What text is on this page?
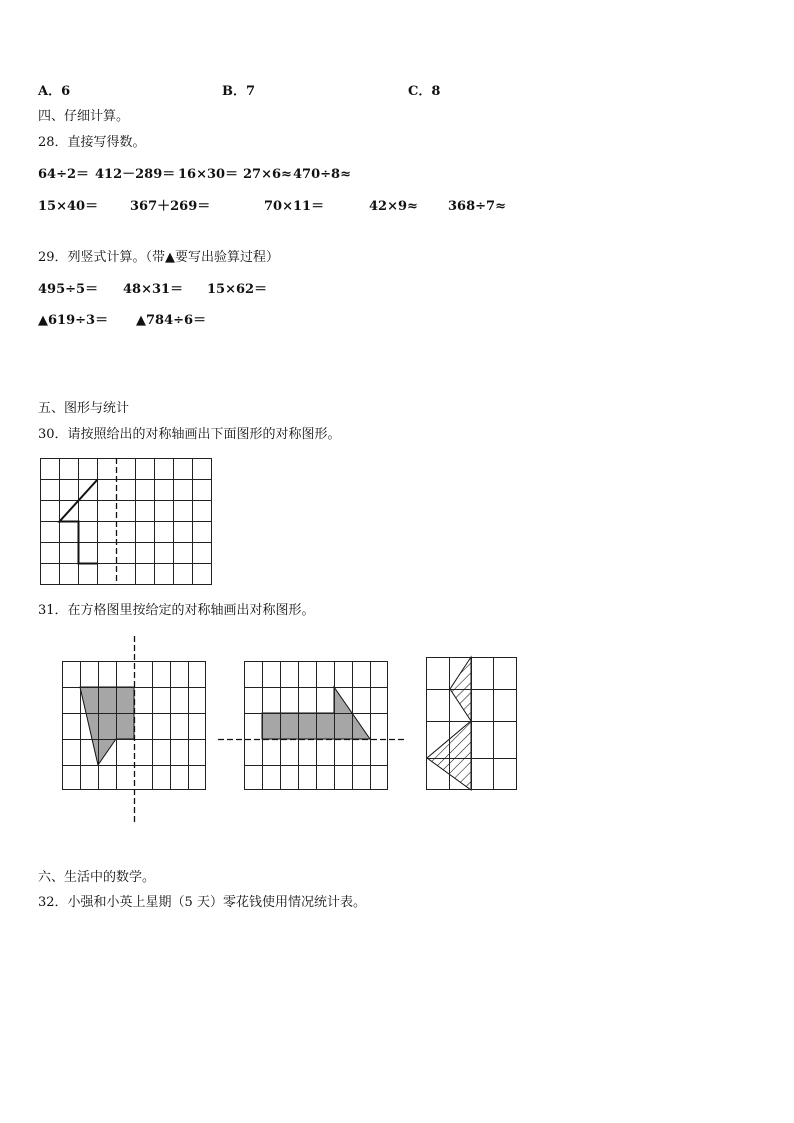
A．6	B．7	C．8
四、仔细计算。
28．直接写得数。
64÷2＝ 412－289＝ 16×30＝ 27×6≈ 470÷8≈
15×40＝ 367＋269＝	70×11＝	42×9≈ 368÷7≈
29．列竖式计算。（带▲要写出验算过程）
495÷5＝ 48×31＝ 15×62＝
▲619÷3＝ ▲784÷6＝
五、图形与统计
30．请按照给出的对称轴画出下面图形的对称图形。
31．在方格图里按给定的对称轴画出对称图形。
六、生活中的数学。
32．小强和小英上星期（5 天）零花钱使用情况统计表。
